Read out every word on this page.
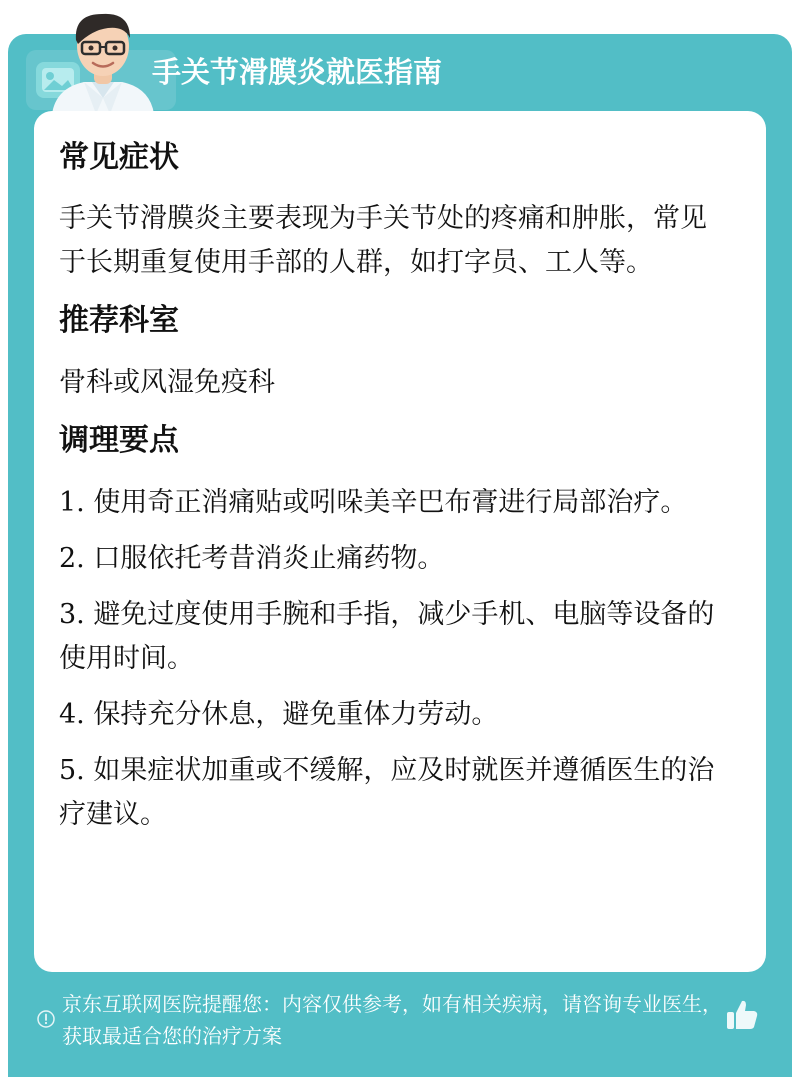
手关节滑膜炎就医指南
常见症状

手关节滑膜炎主要表现为手关节处的疼痛和肿胀，常见于长期重复使用手部的人群，如打字员、工人等。

推荐科室

骨科或风湿免疫科

调理要点

1. 使用奇正消痛贴或吲哚美辛巴布膏进行局部治疗。

2. 口服依托考昔消炎止痛药物。

3. 避免过度使用手腕和手指，减少手机、电脑等设备的使用时间。

4. 保持充分休息，避免重体力劳动。

5. 如果症状加重或不缓解，应及时就医并遵循医生的治疗建议。

京东互联网医院提醒您：内容仅供参考，如有相关疾病，请咨询专业医生，获取最适合您的治疗方案
